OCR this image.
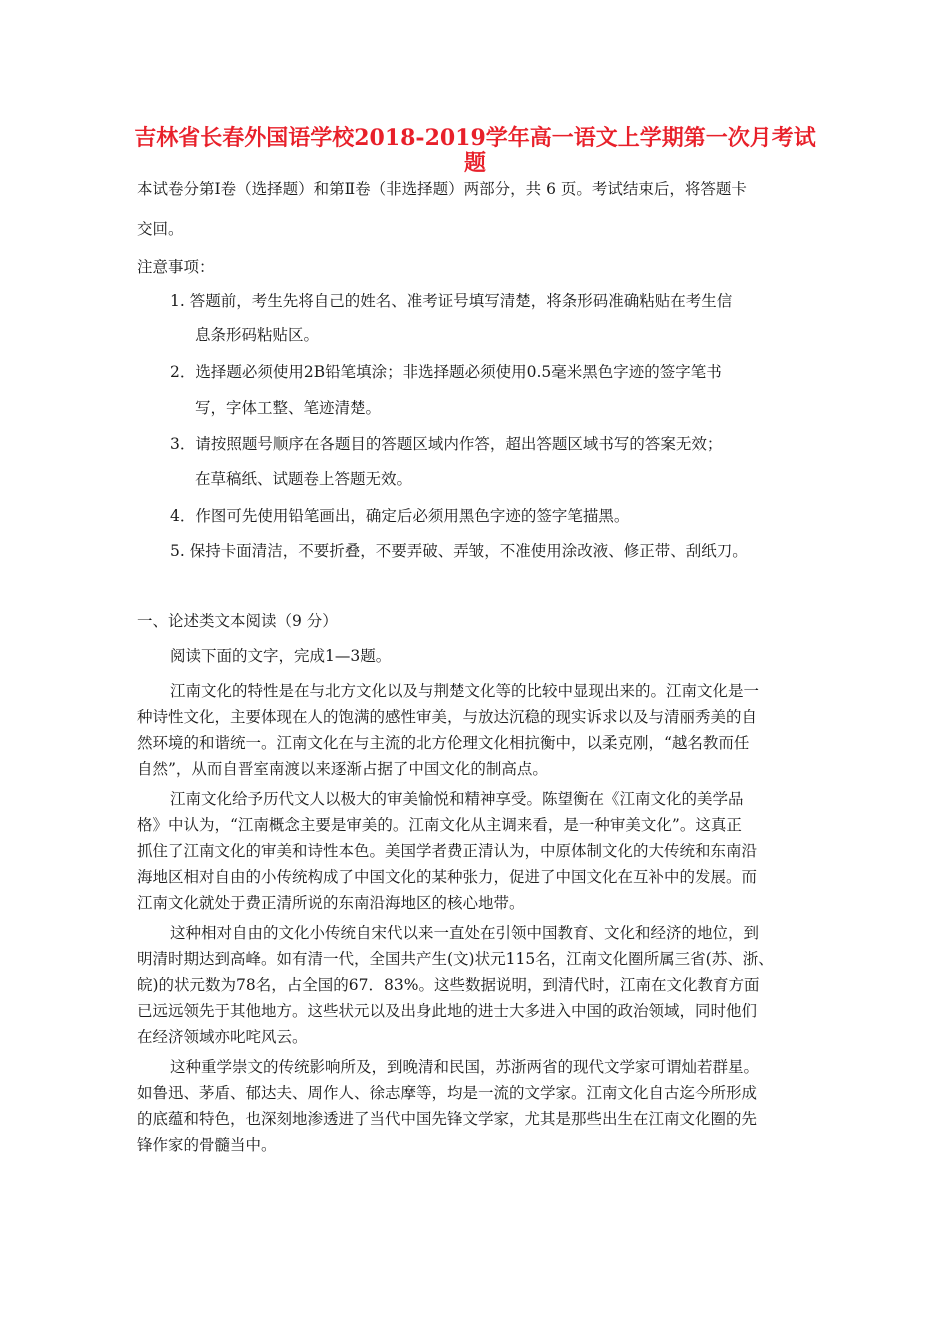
吉林省长春外国语学校2018-2019学年高一语文上学期第一次月考试
题

本试卷分第Ⅰ卷（选择题）和第Ⅱ卷（非选择题）两部分，共 6 页。考试结束后，将答题卡

交回。

注意事项：

1. 答题前，考生先将自己的姓名、准考证号填写清楚，将条形码准确粘贴在考生信

息条形码粘贴区。

2．选择题必须使用2B铅笔填涂；非选择题必须使用0.5毫米黑色字迹的签字笔书

写，字体工整、笔迹清楚。

3．请按照题号顺序在各题目的答题区域内作答，超出答题区域书写的答案无效；

在草稿纸、试题卷上答题无效。

4．作图可先使用铅笔画出，确定后必须用黑色字迹的签字笔描黑。

5. 保持卡面清洁，不要折叠，不要弄破、弄皱，不准使用涂改液、修正带、刮纸刀。

一、论述类文本阅读（9 分）

阅读下面的文字，完成1—3题。

江南文化的特性是在与北方文化以及与荆楚文化等的比较中显现出来的。江南文化是一

种诗性文化，主要体现在人的饱满的感性审美，与放达沉稳的现实诉求以及与清丽秀美的自

然环境的和谐统一。江南文化在与主流的北方伦理文化相抗衡中，以柔克刚，“越名教而任

自然”，从而自晋室南渡以来逐渐占据了中国文化的制高点。

江南文化给予历代文人以极大的审美愉悦和精神享受。陈望衡在《江南文化的美学品

格》中认为，“江南概念主要是审美的。江南文化从主调来看，是一种审美文化”。这真正

抓住了江南文化的审美和诗性本色。美国学者费正清认为，中原体制文化的大传统和东南沿

海地区相对自由的小传统构成了中国文化的某种张力，促进了中国文化在互补中的发展。而

江南文化就处于费正清所说的东南沿海地区的核心地带。

这种相对自由的文化小传统自宋代以来一直处在引领中国教育、文化和经济的地位，到

明清时期达到高峰。如有清一代，全国共产生(文)状元115名，江南文化圈所属三省(苏、浙、

皖)的状元数为78名，占全国的67．83%。这些数据说明，到清代时，江南在文化教育方面

已远远领先于其他地方。这些状元以及出身此地的进士大多进入中国的政治领域，同时他们

在经济领域亦叱咤风云。

这种重学崇文的传统影响所及，到晚清和民国，苏浙两省的现代文学家可谓灿若群星。

如鲁迅、茅盾、郁达夫、周作人、徐志摩等，均是一流的文学家。江南文化自古迄今所形成

的底蕴和特色，也深刻地渗透进了当代中国先锋文学家，尤其是那些出生在江南文化圈的先

锋作家的骨髓当中。
